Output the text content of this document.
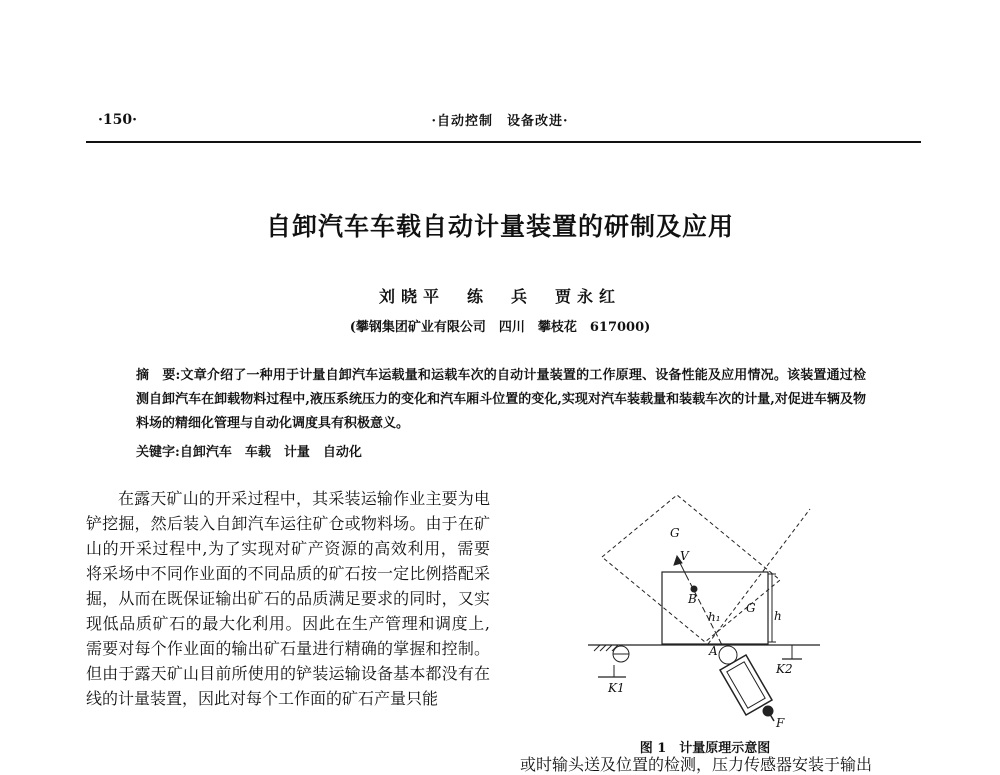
·150·	·自动控制　设备改进·
自卸汽车车载自动计量装置的研制及应用
刘晓平　练　兵　贾永红
(攀钢集团矿业有限公司　四川　攀枝花　617000)
摘　要:文章介绍了一种用于计量自卸汽车运载量和运载车次的自动计量装置的工作原理、设备性能及应用情况。该装置通过检测自卸汽车在卸载物料过程中,液压系统压力的变化和汽车厢斗位置的变化,实现对汽车装载量和装载车次的计量,对促进车辆及物料场的精细化管理与自动化调度具有积极意义。
关键字:自卸汽车　车载　计量　自动化
在露天矿山的开采过程中，其采装运输作业主要为电铲挖掘，然后装入自卸汽车运往矿仓或物料场。由于在矿山的开采过程中,为了实现对矿产资源的高效利用，需要将采场中不同作业面的不同品质的矿石按一定比例搭配采掘，从而在既保证输出矿石的品质满足要求的同时，又实现低品质矿石的最大化利用。因此在生产管理和调度上,需要对每个作业面的输出矿石量进行精确的掌握和控制。但由于露天矿山目前所使用的铲装运输设备基本都没有在线的计量装置，因此对每个工作面的矿石产量只能
G
G
V
B
A
h
h₁
K1
K2
F
图 1　计量原理示意图
或时输头送及位置的检测，压力传感器安装于输出
